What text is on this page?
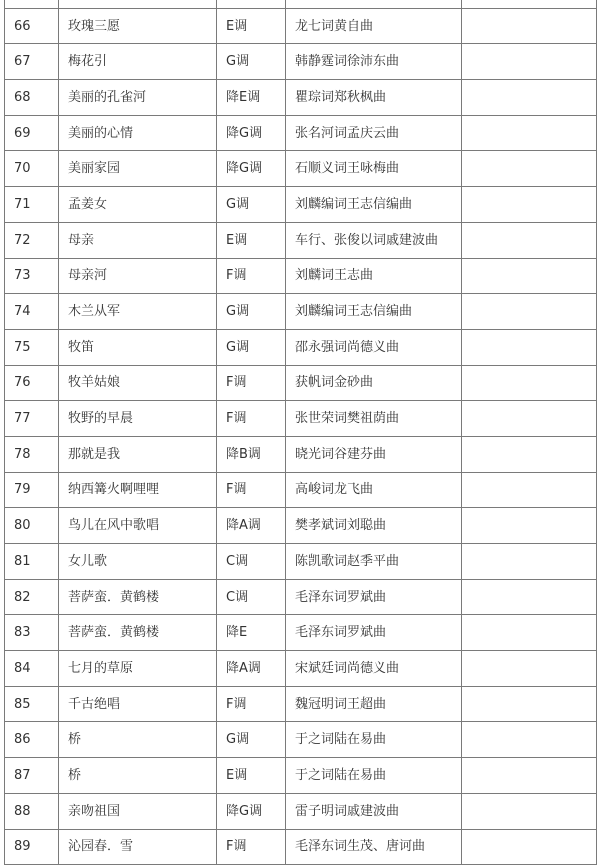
66	玫瑰三愿	E调	龙七词黄自曲
67	梅花引	G调	韩静霆词徐沛东曲
68	美丽的孔雀河	降E调	瞿琮词郑秋枫曲
69	美丽的心情	降G调	张名河词孟庆云曲
70	美丽家园	降G调	石顺义词王咏梅曲
71	孟姜女	G调	刘麟编词王志信编曲
72	母亲	E调	车行、张俊以词戚建波曲
73	母亲河	F调	刘麟词王志曲
74	木兰从军	G调	刘麟编词王志信编曲
75	牧笛	G调	邵永强词尚德义曲
76	牧羊姑娘	F调	获帆词金砂曲
77	牧野的早晨	F调	张世荣词樊祖荫曲
78	那就是我	降B调	晓光词谷建芬曲
79	纳西篝火啊哩哩	F调	高峻词龙飞曲
80	鸟儿在风中歌唱	降A调	樊孝斌词刘聪曲
81	女儿歌	C调	陈凯歌词赵季平曲
82	菩萨蛮．黄鹤楼	C调	毛泽东词罗斌曲
83	菩萨蛮．黄鹤楼	降E	毛泽东词罗斌曲
84	七月的草原	降A调	宋斌廷词尚德义曲
85	千古绝唱	F调	魏冠明词王超曲
86	桥	G调	于之词陆在易曲
87	桥	E调	于之词陆在易曲
88	亲吻祖国	降G调	雷子明词戚建波曲
89	沁园春．雪	F调	毛泽东词生茂、唐诃曲
